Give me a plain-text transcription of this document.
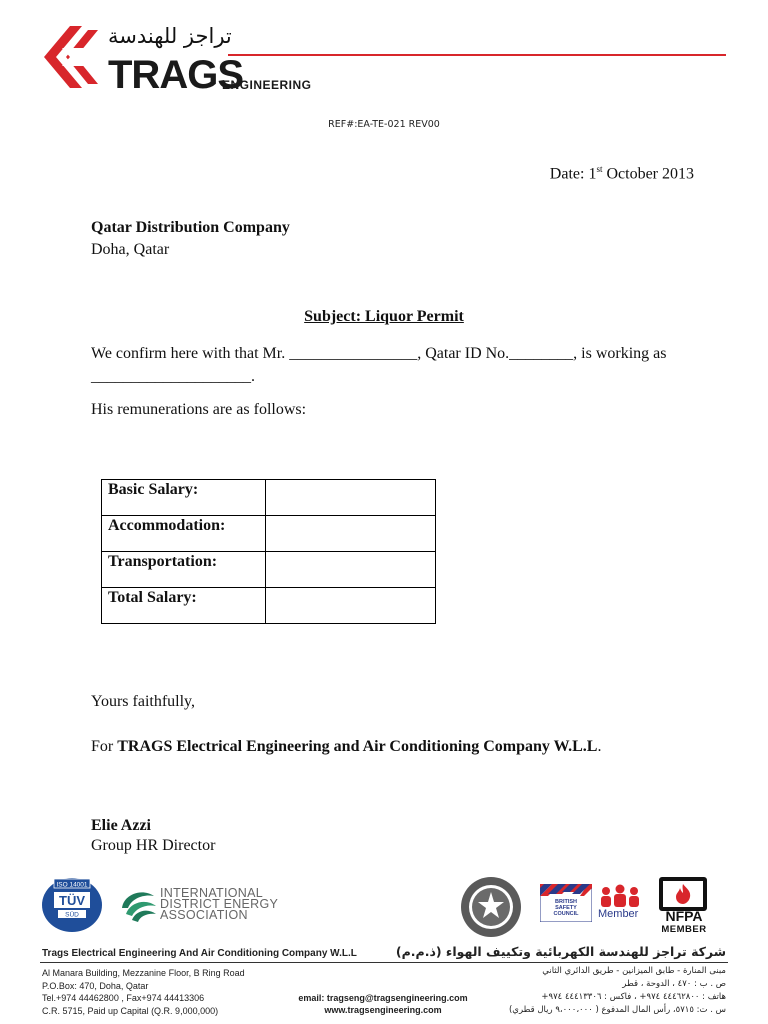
تراجز للهندسة
TRAGS
ENGINEERING
REF#:EA-TE-021 REV00
Date: 1st October 2013
Qatar Distribution Company
Doha, Qatar
Subject: Liquor Permit
We confirm here with that Mr. ________________, Qatar ID No.________, is working as ____________________.
His remunerations are as follows:
Basic Salary:	
Accommodation:	
Transportation:	
Total Salary:	
Yours faithfully,
For TRAGS Electrical Engineering and Air Conditioning Company W.L.L.
Elie Azzi
Group HR Director
ISO 14001
TÜV
SÜD
INTERNATIONAL
DISTRICT ENERGY
ASSOCIATION
BRITISH
SAFETY
COUNCIL Member	NFPA
MEMBER
Trags Electrical Engineering And Air Conditioning Company W.L.L	شركة تراجز للهندسة الكهربائية وتكييف الهواء (ذ.م.م)
Al Manara Building, Mezzanine Floor, B Ring Road
P.O.Box: 470, Doha, Qatar
Tel.+974 44462800 , Fax+974 44413306
C.R. 5715, Paid up Capital (Q.R. 9,000,000)
email: tragseng@tragsengineering.com
www.tragsengineering.com
مبنى المنارة - طابق الميزانين - طريق الدائري الثاني
ص . ب : ٤٧٠ ، الدوحة ، قطر
هاتف : ٤٤٤٦٢٨٠٠ ٩٧٤+ ، فاكس : ٤٤٤١٣٣٠٦ ٩٧٤+
س . ت: ٥٧١٥، رأس المال المدفوع ( ٩،٠٠٠،٠٠٠ ريال قطري)
